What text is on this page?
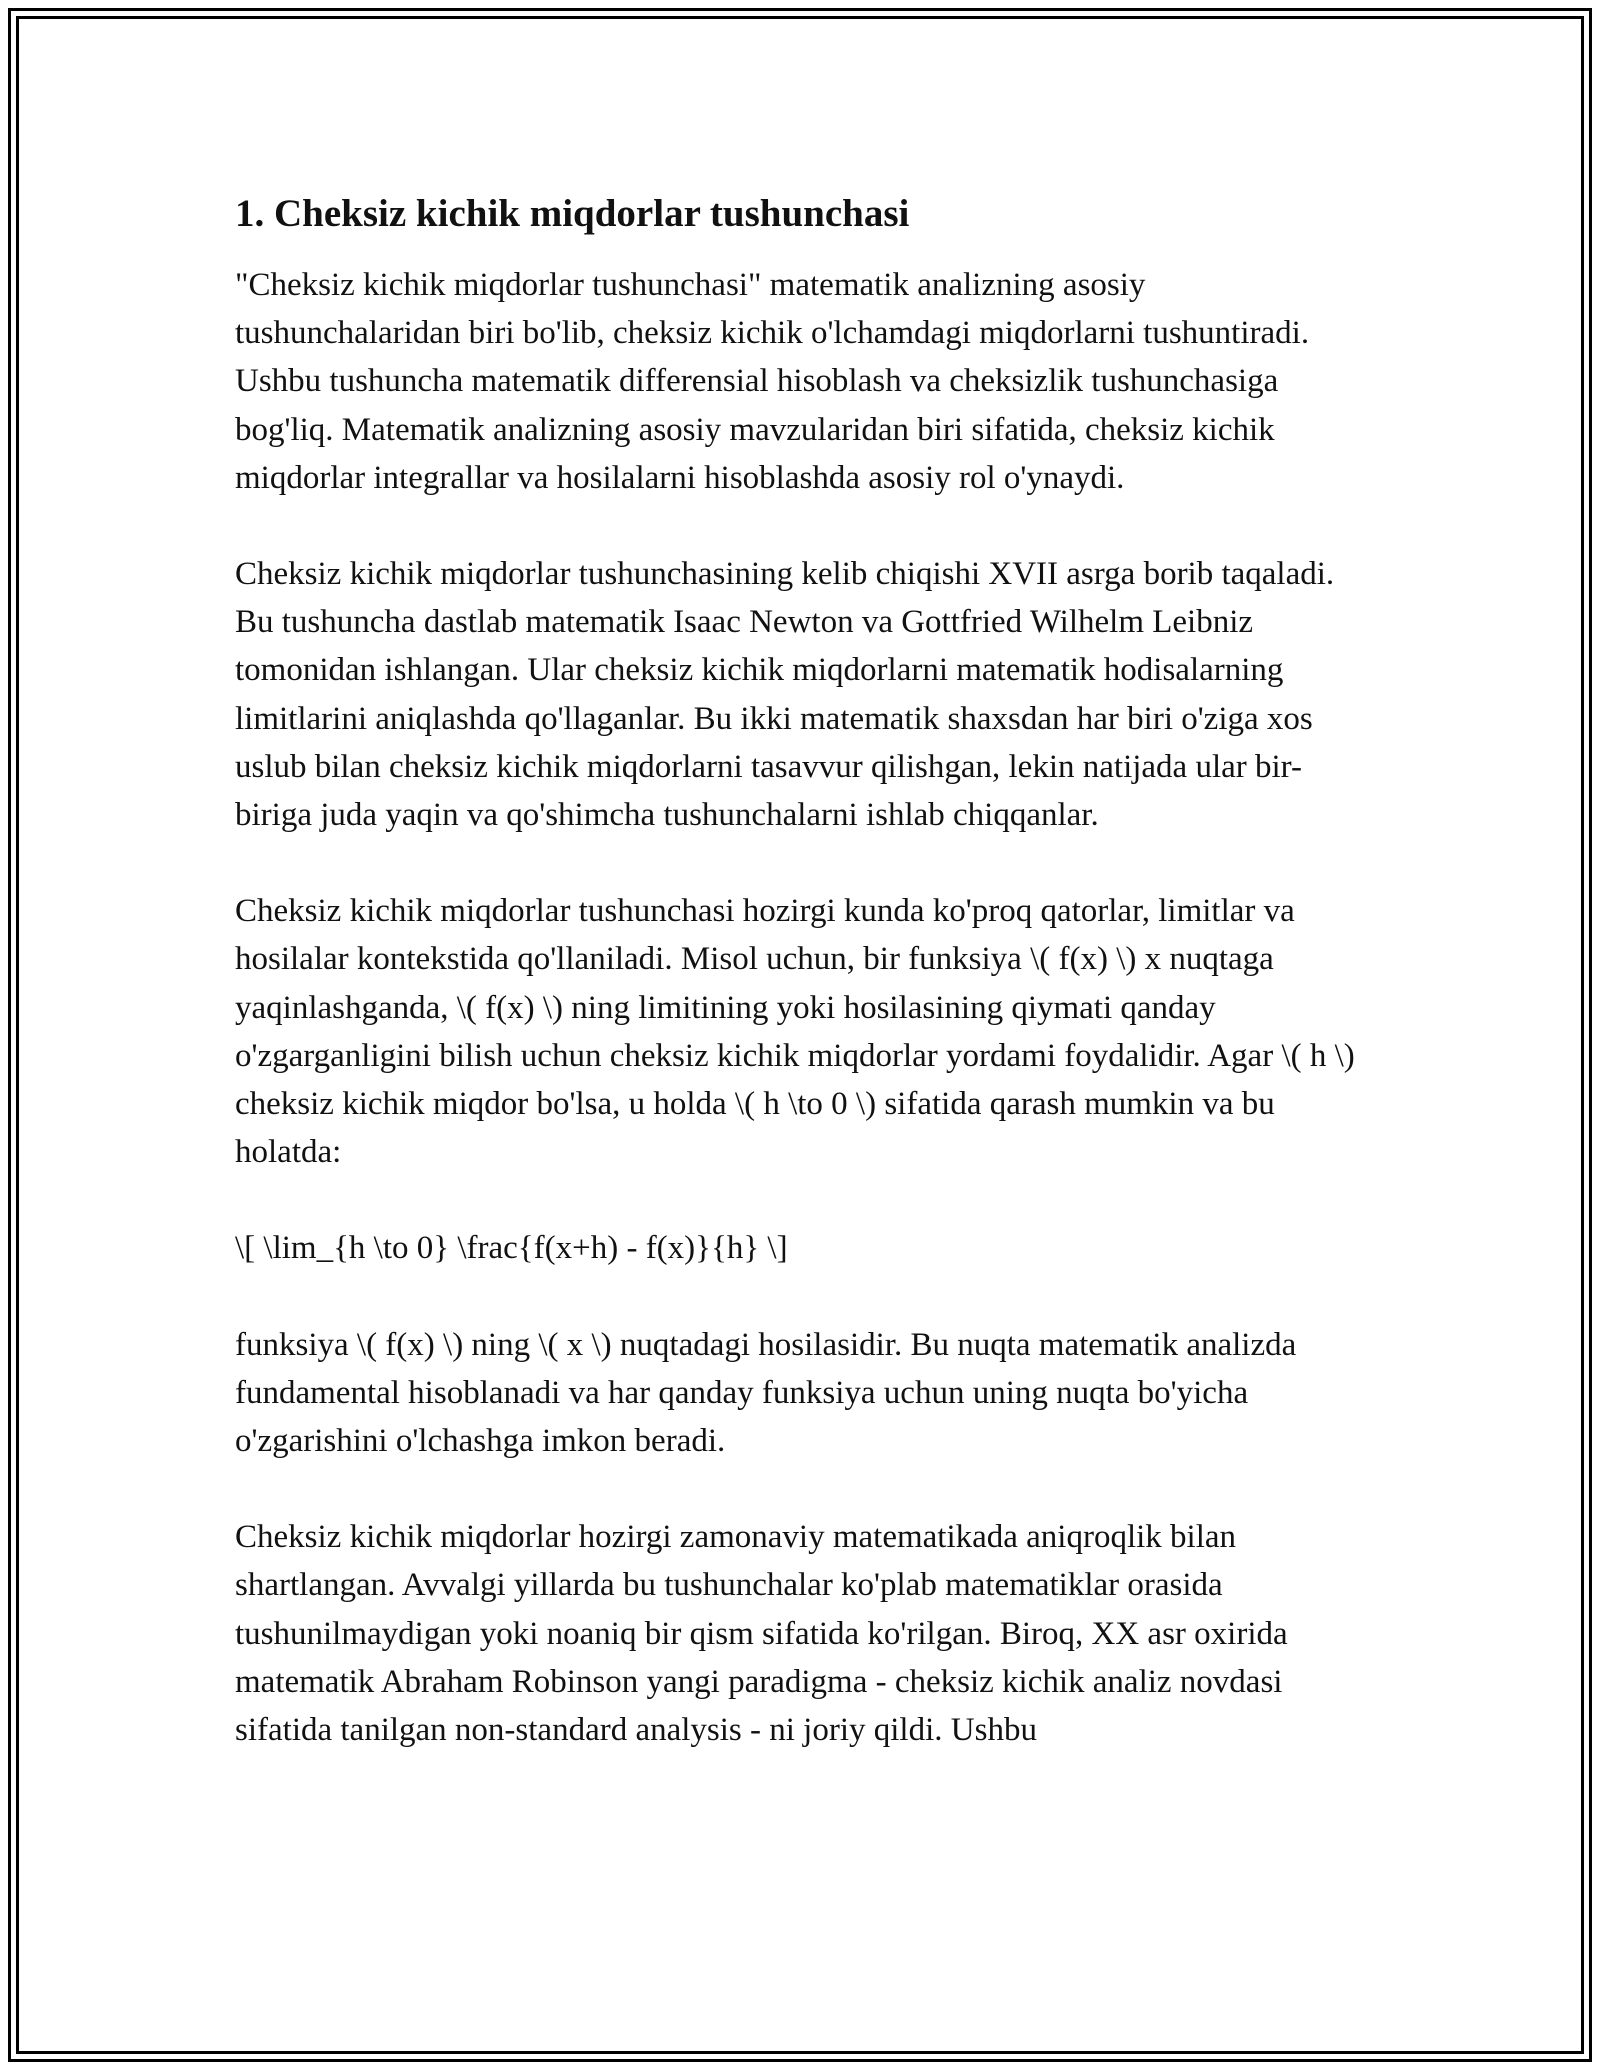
1. Cheksiz kichik miqdorlar tushunchasi

"Cheksiz kichik miqdorlar tushunchasi" matematik analizning asosiy tushunchalaridan biri bo'lib, cheksiz kichik o'lchamdagi miqdorlarni tushuntiradi. Ushbu tushuncha matematik differensial hisoblash va cheksizlik tushunchasiga bog'liq. Matematik analizning asosiy mavzularidan biri sifatida, cheksiz kichik miqdorlar integrallar va hosilalarni hisoblashda asosiy rol o'ynaydi.

Cheksiz kichik miqdorlar tushunchasining kelib chiqishi XVII asrga borib taqaladi. Bu tushuncha dastlab matematik Isaac Newton va Gottfried Wilhelm Leibniz tomonidan ishlangan. Ular cheksiz kichik miqdorlarni matematik hodisalarning limitlarini aniqlashda qo'llaganlar. Bu ikki matematik shaxsdan har biri o'ziga xos uslub bilan cheksiz kichik miqdorlarni tasavvur qilishgan, lekin natijada ular bir-biriga juda yaqin va qo'shimcha tushunchalarni ishlab chiqqanlar.

Cheksiz kichik miqdorlar tushunchasi hozirgi kunda ko'proq qatorlar, limitlar va hosilalar kontekstida qo'llaniladi. Misol uchun, bir funksiya \( f(x) \) x nuqtaga yaqinlashganda, \( f(x) \) ning limitining yoki hosilasining qiymati qanday o'zgarganligini bilish uchun cheksiz kichik miqdorlar yordami foydalidir. Agar \( h \) cheksiz kichik miqdor bo'lsa, u holda \( h \to 0 \) sifatida qarash mumkin va bu holatda:

\[ \lim_{h \to 0} \frac{f(x+h) - f(x)}{h} \]

funksiya \( f(x) \) ning \( x \) nuqtadagi hosilasidir. Bu nuqta matematik analizda fundamental hisoblanadi va har qanday funksiya uchun uning nuqta bo'yicha o'zgarishini o'lchashga imkon beradi.

Cheksiz kichik miqdorlar hozirgi zamonaviy matematikada aniqroqlik bilan shartlangan. Avvalgi yillarda bu tushunchalar ko'plab matematiklar orasida tushunilmaydigan yoki noaniq bir qism sifatida ko'rilgan. Biroq, XX asr oxirida matematik Abraham Robinson yangi paradigma - cheksiz kichik analiz novdasi sifatida tanilgan non-standard analysis - ni joriy qildi. Ushbu
